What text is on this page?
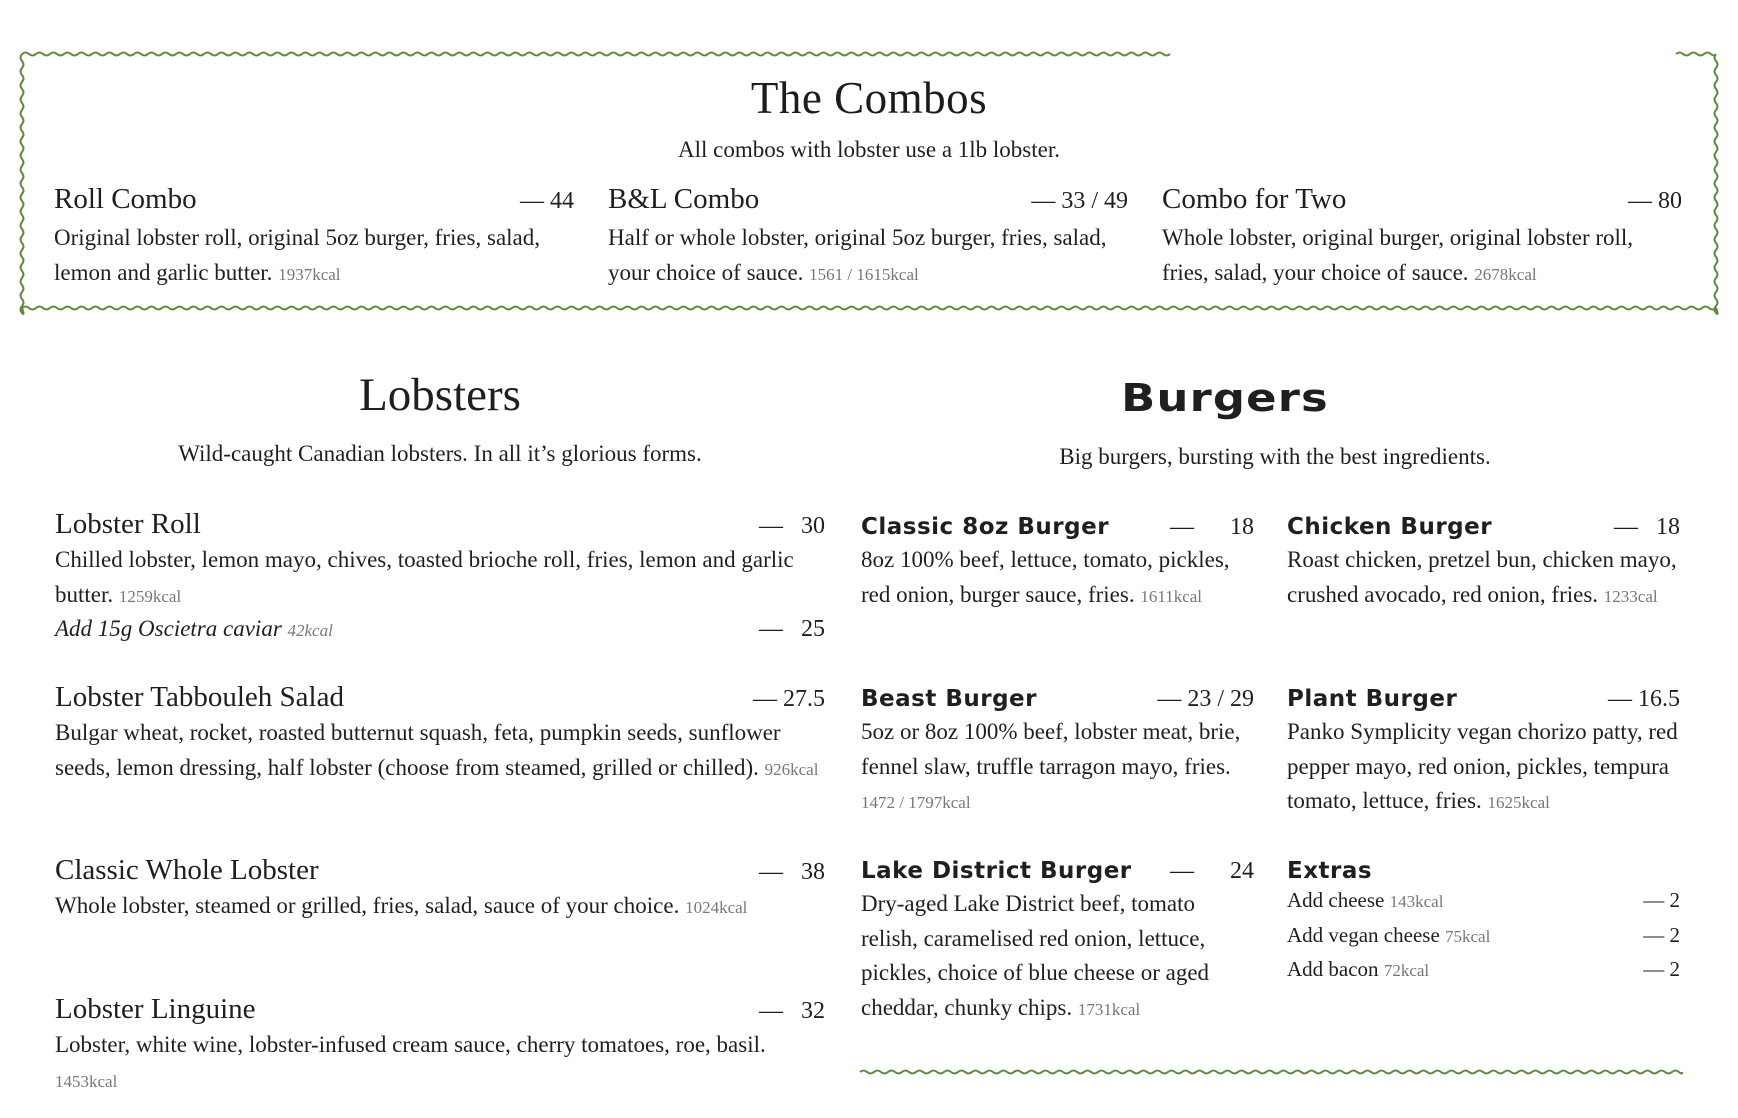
The Combos
All combos with lobster use a 1lb lobster.
Roll Combo	— 44
Original lobster roll, original 5oz burger, fries, salad, lemon and garlic butter. 1937kcal
B&L Combo	— 33 / 49
Half or whole lobster, original 5oz burger, fries, salad, your choice of sauce. 1561 / 1615kcal
Combo for Two	— 80
Whole lobster, original burger, original lobster roll, fries, salad, your choice of sauce. 2678kcal
Lobsters
Wild-caught Canadian lobsters. In all it’s glorious forms.
Lobster Roll	—   30
Chilled lobster, lemon mayo, chives, toasted brioche roll, fries, lemon and garlic butter. 1259kcal
Add 15g Oscietra caviar 42kcal	—   25
Lobster Tabbouleh Salad	— 27.5
Bulgar wheat, rocket, roasted butternut squash, feta, pumpkin seeds, sunflower seeds, lemon dressing, half lobster (choose from steamed, grilled or chilled). 926kcal
Classic Whole Lobster	—   38
Whole lobster, steamed or grilled, fries, salad, sauce of your choice. 1024kcal
Lobster Linguine	—   32
Lobster, white wine, lobster-infused cream sauce, cherry tomatoes, roe, basil. 1453kcal
Burgers
Big burgers, bursting with the best ingredients.
Classic 8oz Burger	—      18
8oz 100% beef, lettuce, tomato, pickles, red onion, burger sauce, fries. 1611kcal
Chicken Burger	—   18
Roast chicken, pretzel bun, chicken mayo, crushed avocado, red onion, fries. 1233cal
Beast Burger	— 23 / 29
5oz or 8oz 100% beef, lobster meat, brie, fennel slaw, truffle tarragon mayo, fries. 1472 / 1797kcal
Plant Burger	— 16.5
Panko Symplicity vegan chorizo patty, red pepper mayo, red onion, pickles, tempura tomato, lettuce, fries. 1625kcal
Lake District Burger —      24
Dry-aged Lake District beef, tomato relish, caramelised red onion, lettuce, pickles, choice of blue cheese or aged cheddar, chunky chips. 1731kcal
Extras
Add cheese 143kcal	— 2
Add vegan cheese 75kcal	— 2
Add bacon 72kcal	— 2
